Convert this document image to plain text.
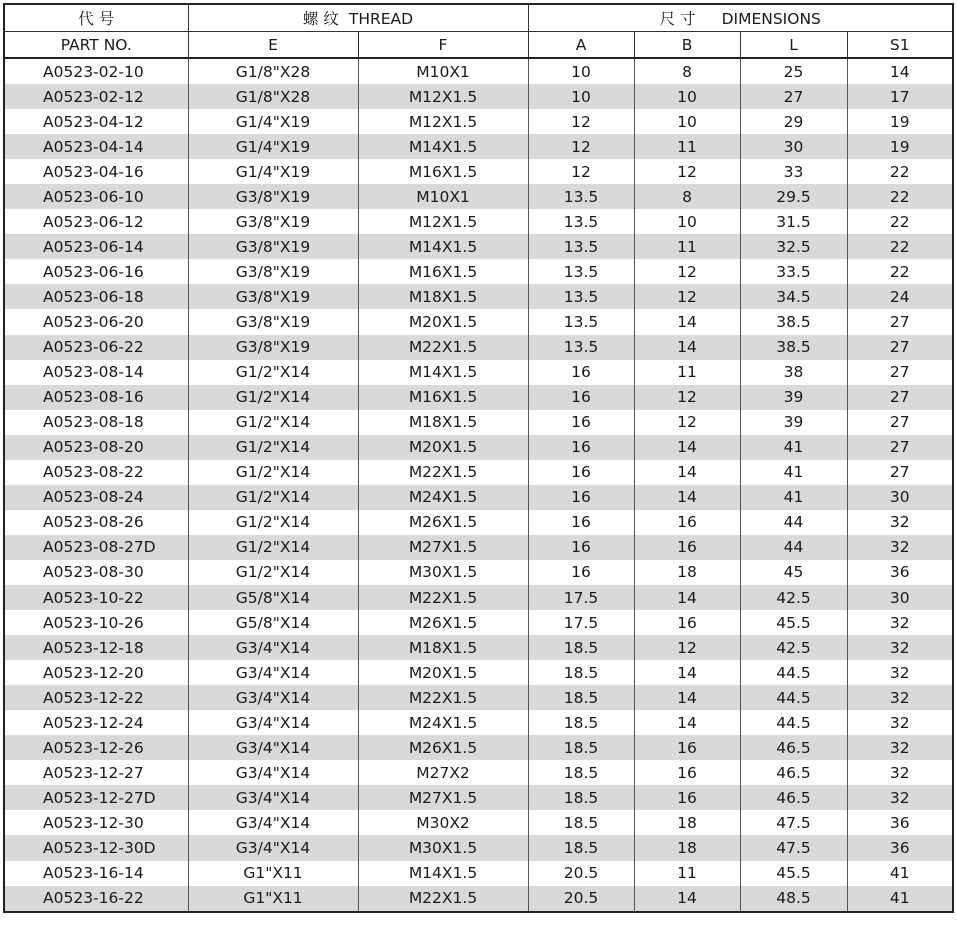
代 号	螺 纹 THREAD		尺 寸 DIMENSIONS			
PART NO.	E	F	A	B	L	S1
A0523-02-10	G1/8"X28	M10X1	10	8	25	14
A0523-02-12	G1/8"X28	M12X1.5	10	10	27	17
A0523-04-12	G1/4"X19	M12X1.5	12	10	29	19
A0523-04-14	G1/4"X19	M14X1.5	12	11	30	19
A0523-04-16	G1/4"X19	M16X1.5	12	12	33	22
A0523-06-10	G3/8"X19	M10X1	13.5	8	29.5	22
A0523-06-12	G3/8"X19	M12X1.5	13.5	10	31.5	22
A0523-06-14	G3/8"X19	M14X1.5	13.5	11	32.5	22
A0523-06-16	G3/8"X19	M16X1.5	13.5	12	33.5	22
A0523-06-18	G3/8"X19	M18X1.5	13.5	12	34.5	24
A0523-06-20	G3/8"X19	M20X1.5	13.5	14	38.5	27
A0523-06-22	G3/8"X19	M22X1.5	13.5	14	38.5	27
A0523-08-14	G1/2"X14	M14X1.5	16	11	38	27
A0523-08-16	G1/2"X14	M16X1.5	16	12	39	27
A0523-08-18	G1/2"X14	M18X1.5	16	12	39	27
A0523-08-20	G1/2"X14	M20X1.5	16	14	41	27
A0523-08-22	G1/2"X14	M22X1.5	16	14	41	27
A0523-08-24	G1/2"X14	M24X1.5	16	14	41	30
A0523-08-26	G1/2"X14	M26X1.5	16	16	44	32
A0523-08-27D	G1/2"X14	M27X1.5	16	16	44	32
A0523-08-30	G1/2"X14	M30X1.5	16	18	45	36
A0523-10-22	G5/8"X14	M22X1.5	17.5	14	42.5	30
A0523-10-26	G5/8"X14	M26X1.5	17.5	16	45.5	32
A0523-12-18	G3/4"X14	M18X1.5	18.5	12	42.5	32
A0523-12-20	G3/4"X14	M20X1.5	18.5	14	44.5	32
A0523-12-22	G3/4"X14	M22X1.5	18.5	14	44.5	32
A0523-12-24	G3/4"X14	M24X1.5	18.5	14	44.5	32
A0523-12-26	G3/4"X14	M26X1.5	18.5	16	46.5	32
A0523-12-27	G3/4"X14	M27X2	18.5	16	46.5	32
A0523-12-27D	G3/4"X14	M27X1.5	18.5	16	46.5	32
A0523-12-30	G3/4"X14	M30X2	18.5	18	47.5	36
A0523-12-30D	G3/4"X14	M30X1.5	18.5	18	47.5	36
A0523-16-14	G1"X11	M14X1.5	20.5	11	45.5	41
A0523-16-22	G1"X11	M22X1.5	20.5	14	48.5	41
